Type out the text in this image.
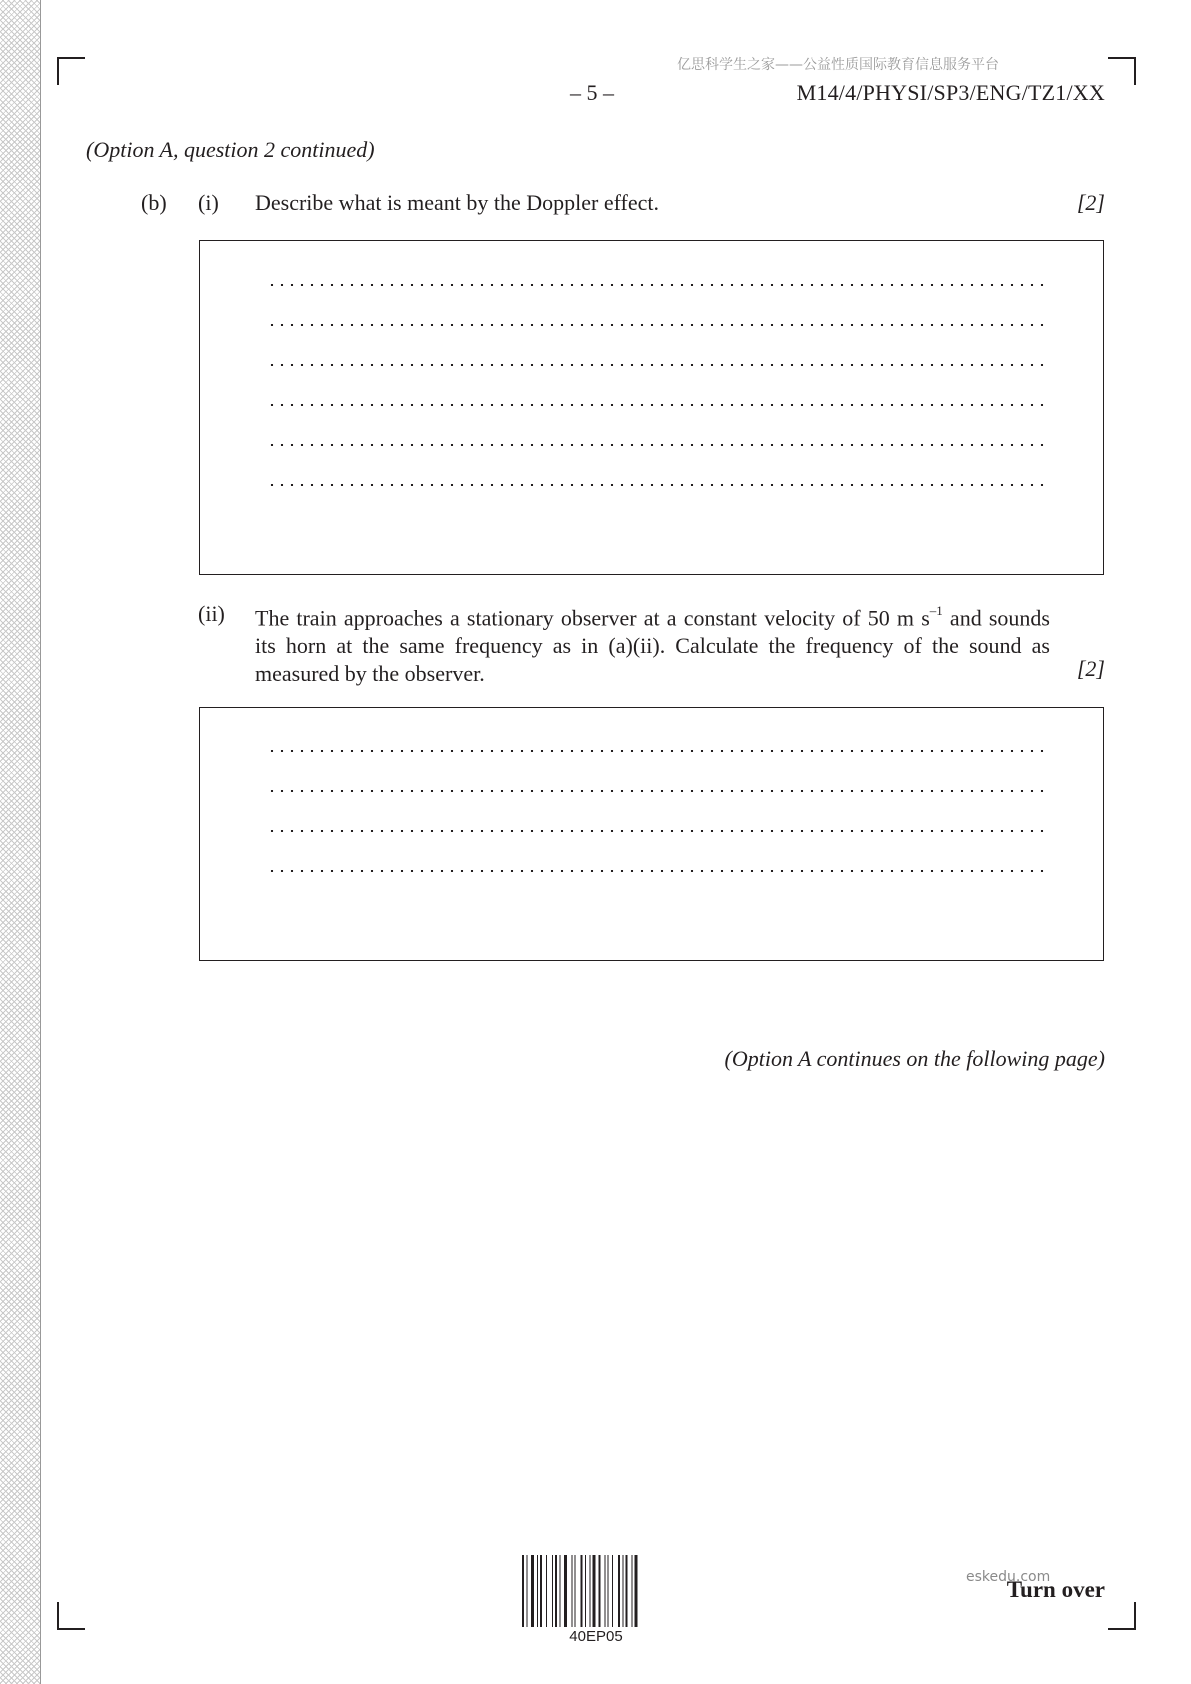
亿思科学生之家——公益性质国际教育信息服务平台
– 5 –	M14/4/PHYSI/SP3/ENG/TZ1/XX
(Option A, question 2 continued)
(b) (i) Describe what is meant by the Doppler effect.	[2]
(ii) The train approaches a stationary observer at a constant velocity of 50 m $s^{-1}$ and sounds its horn at the same frequency as in (a)(ii). Calculate the frequency of the sound as measured by the observer.	[2]
(Option A continues on the following page)
40EP05
eskedu.com
Turn over
